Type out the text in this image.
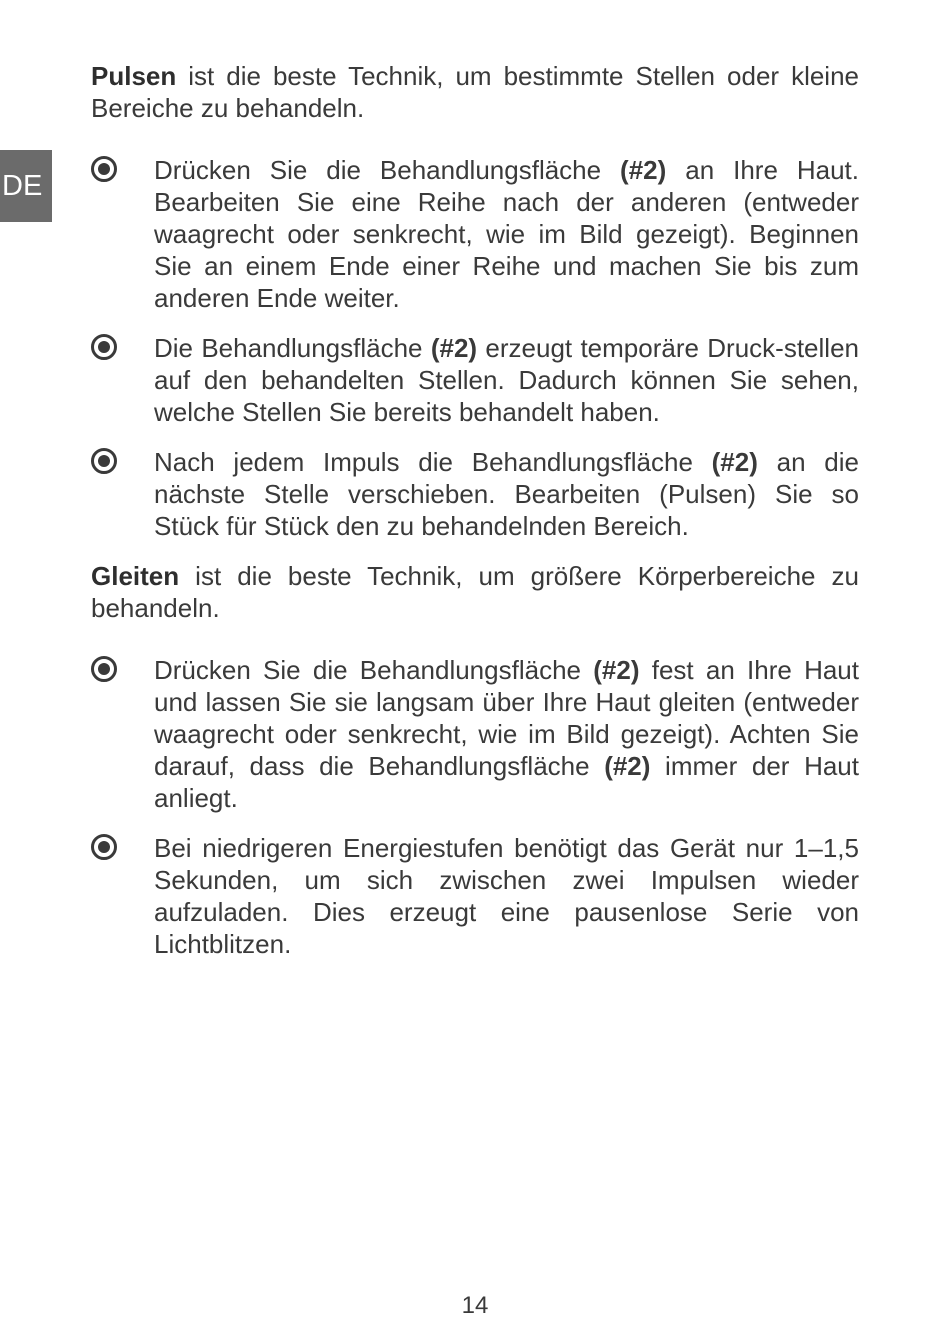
DE

Pulsen ist die beste Technik, um bestimmte Stellen oder kleine Bereiche zu behandeln.

Drücken Sie die Behandlungsfläche (#2) an Ihre Haut. Bearbeiten Sie eine Reihe nach der anderen (entweder waagrecht oder senkrecht, wie im Bild gezeigt). Beginnen Sie an einem Ende einer Reihe und machen Sie bis zum anderen Ende weiter.
Die Behandlungsfläche (#2) erzeugt temporäre Druck-stellen auf den behandelten Stellen. Dadurch können Sie sehen, welche Stellen Sie bereits behandelt haben.
Nach jedem Impuls die Behandlungsfläche (#2) an die nächste Stelle verschieben. Bearbeiten (Pulsen) Sie so Stück für Stück den zu behandelnden Bereich.

Gleiten ist die beste Technik, um größere Körperbereiche zu behandeln.

Drücken Sie die Behandlungsfläche (#2) fest an Ihre Haut und lassen Sie sie langsam über Ihre Haut gleiten (entweder waagrecht oder senkrecht, wie im Bild gezeigt). Achten Sie darauf, dass die Behandlungsfläche (#2) immer der Haut anliegt.
Bei niedrigeren Energiestufen benötigt das Gerät nur 1–1,5 Sekunden, um sich zwischen zwei Impulsen wieder aufzuladen. Dies erzeugt eine pausenlose Serie von Lichtblitzen.
14
